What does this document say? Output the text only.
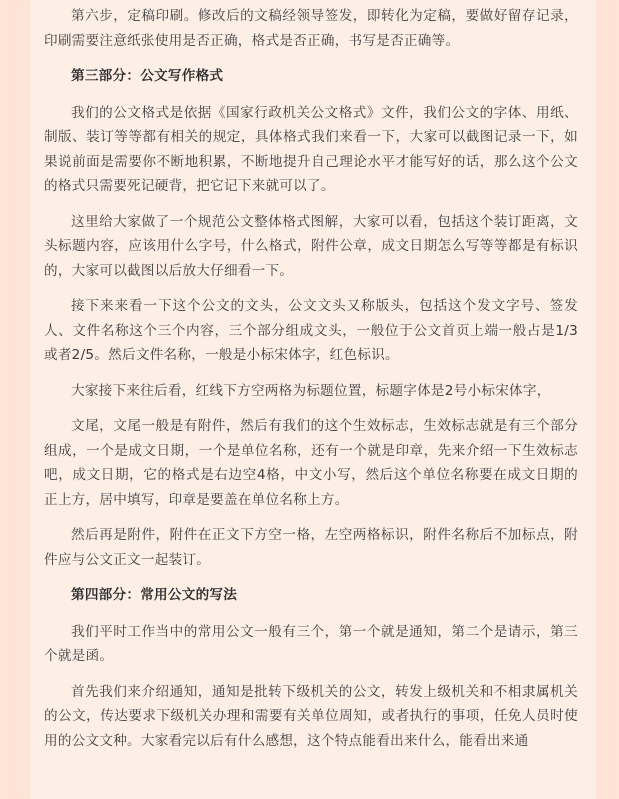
第六步，定稿印刷。修改后的文稿经领导签发，即转化为定稿，要做好留存记录，印刷需要注意纸张使用是否正确，格式是否正确，书写是否正确等。

第三部分：公文写作格式

我们的公文格式是依据《国家行政机关公文格式》文件，我们公文的字体、用纸、制版、装订等等都有相关的规定，具体格式我们来看一下，大家可以截图记录一下，如果说前面是需要你不断地积累，不断地提升自己理论水平才能写好的话，那么这个公文的格式只需要死记硬背，把它记下来就可以了。

这里给大家做了一个规范公文整体格式图解，大家可以看，包括这个装订距离，文头标题内容，应该用什么字号，什么格式，附件公章，成文日期怎么写等等都是有标识的，大家可以截图以后放大仔细看一下。

接下来来看一下这个公文的文头，公文文头又称版头，包括这个发文字号、签发人、文件名称这个三个内容，三个部分组成文头，一般位于公文首页上端一般占是1/3或者2/5。然后文件名称，一般是小标宋体字，红色标识。

大家接下来往后看，红线下方空两格为标题位置，标题字体是2号小标宋体字，

文尾，文尾一般是有附件，然后有我们的这个生效标志，生效标志就是有三个部分组成，一个是成文日期，一个是单位名称，还有一个就是印章，先来介绍一下生效标志吧，成文日期，它的格式是右边空4格，中文小写，然后这个单位名称要在成文日期的正上方，居中填写，印章是要盖在单位名称上方。

然后再是附件，附件在正文下方空一格，左空两格标识，附件名称后不加标点，附件应与公文正文一起装订。

第四部分：常用公文的写法

我们平时工作当中的常用公文一般有三个，第一个就是通知，第二个是请示，第三个就是函。

首先我们来介绍通知，通知是批转下级机关的公文，转发上级机关和不相隶属机关的公文，传达要求下级机关办理和需要有关单位周知，或者执行的事项，任免人员时使用的公文文种。大家看完以后有什么感想，这个特点能看出来什么，能看出来通
